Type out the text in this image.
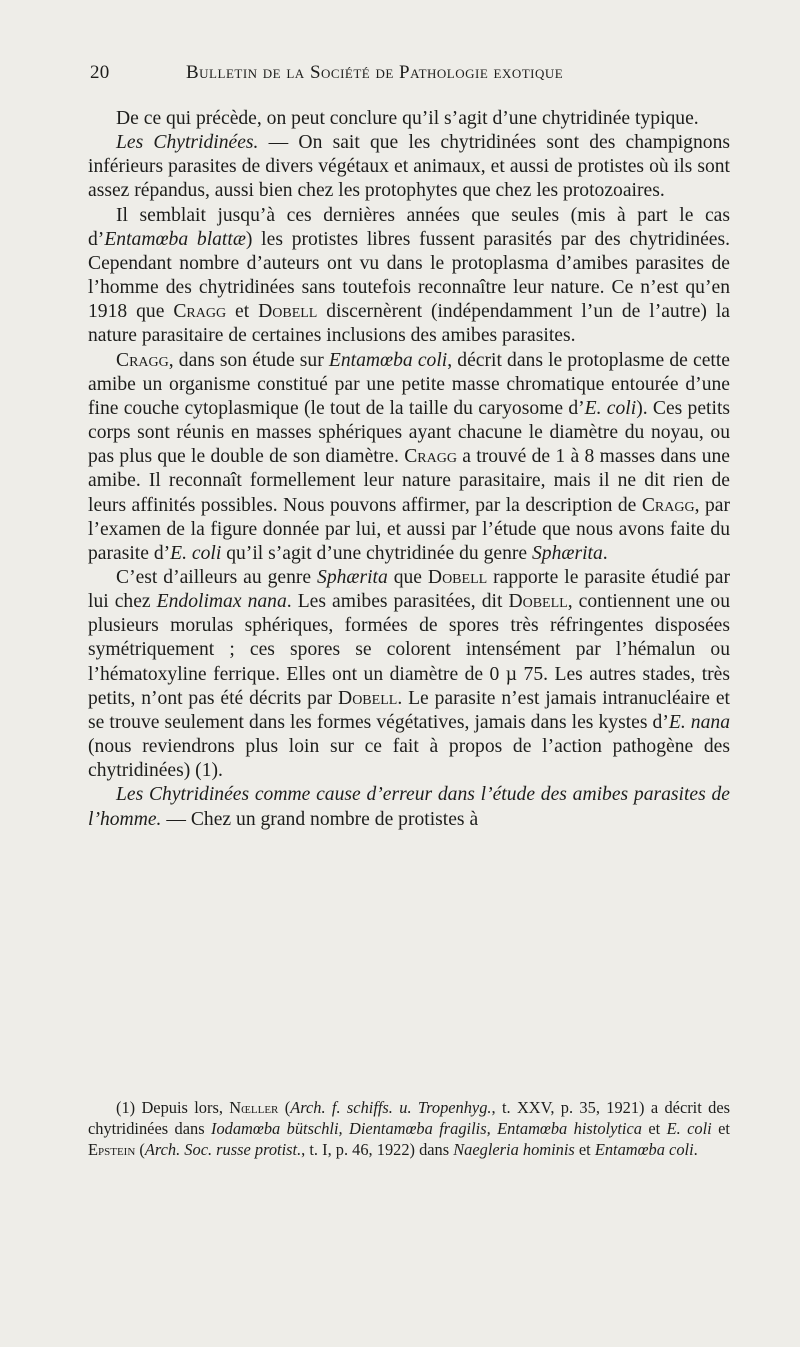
20	Bulletin de la Société de Pathologie exotique

De ce qui précède, on peut conclure qu’il s’agit d’une chytridinée typique.

Les Chytridinées. — On sait que les chytridinées sont des champignons inférieurs parasites de divers végétaux et animaux, et aussi de protistes où ils sont assez répandus, aussi bien chez les protophytes que chez les protozoaires.

Il semblait jusqu’à ces dernières années que seules (mis à part le cas d’Entamœba blattæ) les protistes libres fussent parasités par des chytridinées. Cependant nombre d’auteurs ont vu dans le protoplasma d’amibes parasites de l’homme des chytridinées sans toutefois reconnaître leur nature. Ce n’est qu’en 1918 que Cragg et Dobell discernèrent (indépendamment l’un de l’autre) la nature parasitaire de certaines inclusions des amibes parasites.

Cragg, dans son étude sur Entamœba coli, décrit dans le protoplasme de cette amibe un organisme constitué par une petite masse chromatique entourée d’une fine couche cytoplasmique (le tout de la taille du caryosome d’E. coli). Ces petits corps sont réunis en masses sphériques ayant chacune le diamètre du noyau, ou pas plus que le double de son diamètre. Cragg a trouvé de 1 à 8 masses dans une amibe. Il reconnaît formellement leur nature parasitaire, mais il ne dit rien de leurs affinités possibles. Nous pouvons affirmer, par la description de Cragg, par l’examen de la figure donnée par lui, et aussi par l’étude que nous avons faite du parasite d’E. coli qu’il s’agit d’une chytridinée du genre Sphærita.

C’est d’ailleurs au genre Sphærita que Dobell rapporte le parasite étudié par lui chez Endolimax nana. Les amibes parasitées, dit Dobell, contiennent une ou plusieurs morulas sphériques, formées de spores très réfringentes disposées symétriquement ; ces spores se colorent intensément par l’hémalun ou l’hématoxyline ferrique. Elles ont un diamètre de 0 µ 75. Les autres stades, très petits, n’ont pas été décrits par Dobell. Le parasite n’est jamais intranucléaire et se trouve seulement dans les formes végétatives, jamais dans les kystes d’E. nana (nous reviendrons plus loin sur ce fait à propos de l’action pathogène des chytridinées) (1).

Les Chytridinées comme cause d’erreur dans l’étude des amibes parasites de l’homme. — Chez un grand nombre de protistes à

(1) Depuis lors, Nœller (Arch. f. schiffs. u. Tropenhyg., t. XXV, p. 35, 1921) a décrit des chytridinées dans Iodamœba bütschli, Dientamœba fragilis, Entamœba histolytica et E. coli et Epstein (Arch. Soc. russe protist., t. I, p. 46, 1922) dans Naegleria hominis et Entamœba coli.
